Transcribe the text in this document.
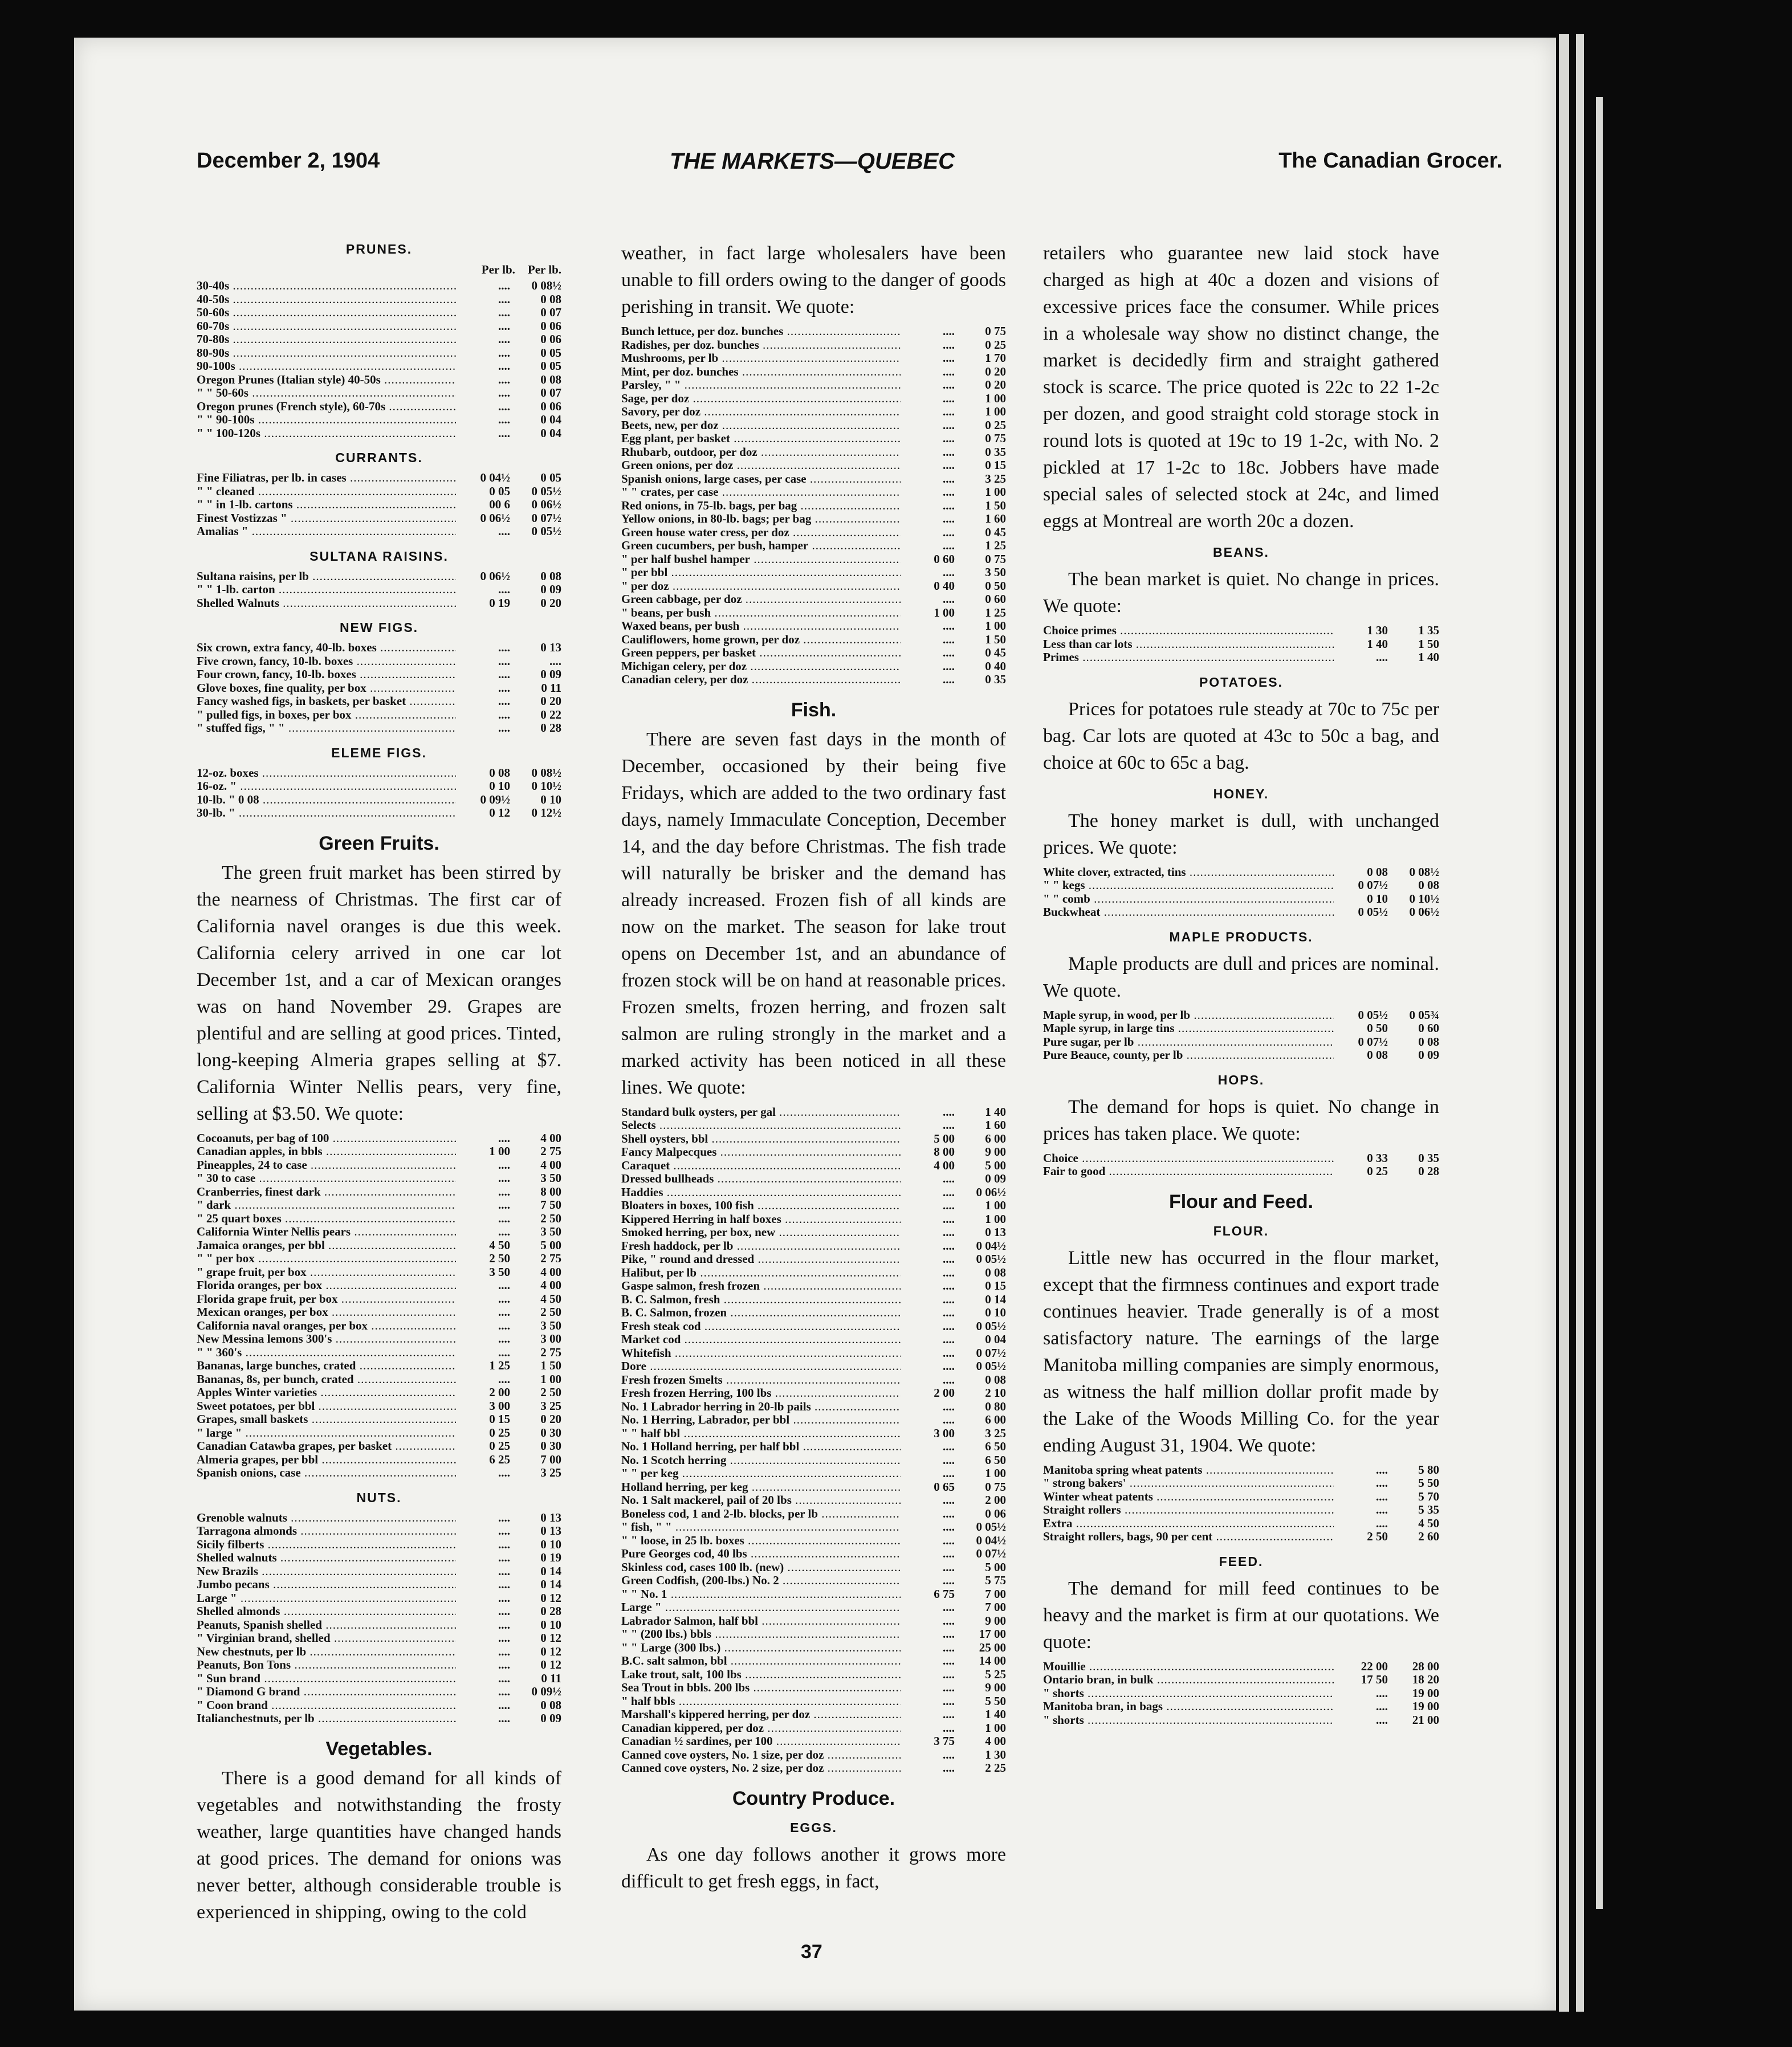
December 2, 1904	THE MARKETS—QUEBEC	The Canadian Grocer.
PRUNES.
Per lb. Per lb.
30-40s .....	....	0 08½
40-50s .....	....	0 08
50-60s .....	....	0 07
60-70s .....	....	0 06
70-80s .....	....	0 06
80-90s .....	....	0 05
90-100s .....	....	0 05
Oregon Prunes (Italian style) 40-50s .....	....	0 08
" " 50-60s .....	....	0 07
Oregon prunes (French style), 60-70s .....	....	0 06
" " 90-100s .....	....	0 04
" " 100-120s .....	....	0 04
CURRANTS.
Fine Filiatras, per lb. in cases .....	0 04½	0 05
" " cleaned .....	0 05	0 05½
" " in 1-lb. cartons .....	00 6	0 06½
Finest Vostizzas " .....	0 06½	0 07½
Amalias " .....	....	0 05½
SULTANA RAISINS.
Sultana raisins, per lb .....	0 06½	0 08
" " 1-lb. carton .....	....	0 09
Shelled Walnuts .....	0 19	0 20
NEW FIGS.
Six crown, extra fancy, 40-lb. boxes .....	....	0 13
Five crown, fancy, 10-lb. boxes .....	....	....
Four crown, fancy, 10-lb. boxes .....	....	0 09
Glove boxes, fine quality, per box .....	....	0 11
Fancy washed figs, in baskets, per basket .....	....	0 20
" pulled figs, in boxes, per box .....	....	0 22
" stuffed figs, " " .....	....	0 28
ELEME FIGS.
12-oz. boxes .....	0 08	0 08½
16-oz. " .....	0 10	0 10½
10-lb. " 0 08 .....	0 09½	0 10
30-lb. " .....	0 12	0 12½
Green Fruits.

The green fruit market has been stirred by the nearness of Christmas. The first car of California navel oranges is due this week. California celery arrived in one car lot December 1st, and a car of Mexican oranges was on hand November 29. Grapes are plentiful and are selling at good prices. Tinted, long-keeping Almeria grapes selling at $7. California Winter Nellis pears, very fine, selling at $3.50. We quote:

Cocoanuts, per bag of 100 .....	....	4 00
Canadian apples, in bbls .....	1 00	2 75
Pineapples, 24 to case .....	....	4 00
" 30 to case .....	....	3 50
Cranberries, finest dark .....	....	8 00
" dark .....	....	7 50
" 25 quart boxes .....	....	2 50
California Winter Nellis pears .....	....	3 50
Jamaica oranges, per bbl .....	4 50	5 00
" " per box .....	2 50	2 75
" grape fruit, per box .....	3 50	4 00
Florida oranges, per box .....	....	4 00
Florida grape fruit, per box .....	....	4 50
Mexican oranges, per box .....	....	2 50
California naval oranges, per box .....	....	3 50
New Messina lemons 300's .....	....	3 00
" " 360's .....	....	2 75
Bananas, large bunches, crated .....	1 25	1 50
Bananas, 8s, per bunch, crated .....	....	1 00
Apples Winter varieties .....	2 00	2 50
Sweet potatoes, per bbl .....	3 00	3 25
Grapes, small baskets .....	0 15	0 20
" large " .....	0 25	0 30
Canadian Catawba grapes, per basket .....	0 25	0 30
Almeria grapes, per bbl .....	6 25	7 00
Spanish onions, case .....	....	3 25
NUTS.
Grenoble walnuts .....	....	0 13
Tarragona almonds .....	....	0 13
Sicily filberts .....	....	0 10
Shelled walnuts .....	....	0 19
New Brazils .....	....	0 14
Jumbo pecans .....	....	0 14
Large " .....	....	0 12
Shelled almonds .....	....	0 28
Peanuts, Spanish shelled .....	....	0 10
" Virginian brand, shelled .....	....	0 12
New chestnuts, per lb .....	....	0 12
Peanuts, Bon Tons .....	....	0 12
" Sun brand .....	....	0 11
" Diamond G brand .....	....	0 09½
" Coon brand .....	....	0 08
Italianchestnuts, per lb .....	....	0 09
Vegetables.

There is a good demand for all kinds of vegetables and notwithstanding the frosty weather, large quantities have changed hands at good prices. The demand for onions was never better, although considerable trouble is experienced in shipping, owing to the cold

weather, in fact large wholesalers have been unable to fill orders owing to the danger of goods perishing in transit. We quote:

Bunch lettuce, per doz. bunches .....	....	0 75
Radishes, per doz. bunches .....	....	0 25
Mushrooms, per lb .....	....	1 70
Mint, per doz. bunches .....	....	0 20
Parsley, " " .....	....	0 20
Sage, per doz .....	....	1 00
Savory, per doz .....	....	1 00
Beets, new, per doz .....	....	0 25
Egg plant, per basket .....	....	0 75
Rhubarb, outdoor, per doz .....	....	0 35
Green onions, per doz .....	....	0 15
Spanish onions, large cases, per case .....	....	3 25
" " crates, per case .....	....	1 00
Red onions, in 75-lb. bags, per bag .....	....	1 50
Yellow onions, in 80-lb. bags; per bag .....	....	1 60
Green house water cress, per doz .....	....	0 45
Green cucumbers, per bush, hamper .....	....	1 25
" per half bushel hamper .....	0 60	0 75
" per bbl .....	....	3 50
" per doz .....	0 40	0 50
Green cabbage, per doz .....	....	0 60
" beans, per bush .....	1 00	1 25
Waxed beans, per bush .....	....	1 00
Cauliflowers, home grown, per doz .....	....	1 50
Green peppers, per basket .....	....	0 45
Michigan celery, per doz .....	....	0 40
Canadian celery, per doz .....	....	0 35
Fish.

There are seven fast days in the month of December, occasioned by their being five Fridays, which are added to the two ordinary fast days, namely Immaculate Conception, December 14, and the day before Christmas. The fish trade will naturally be brisker and the demand has already increased. Frozen fish of all kinds are now on the market. The season for lake trout opens on December 1st, and an abundance of frozen stock will be on hand at reasonable prices. Frozen smelts, frozen herring, and frozen salt salmon are ruling strongly in the market and a marked activity has been noticed in all these lines. We quote:

Standard bulk oysters, per gal .....	....	1 40
Selects .....	....	1 60
Shell oysters, bbl .....	5 00	6 00
Fancy Malpecques .....	8 00	9 00
Caraquet .....	4 00	5 00
Dressed bullheads .....	....	0 09
Haddies .....	....	0 06½
Bloaters in boxes, 100 fish .....	....	1 00
Kippered Herring in half boxes .....	....	1 00
Smoked herring, per box, new .....	....	0 13
Fresh haddock, per lb .....	....	0 04½
Pike, " round and dressed .....	....	0 05½
Halibut, per lb .....	....	0 08
Gaspe salmon, fresh frozen .....	....	0 15
B. C. Salmon, fresh .....	....	0 14
B. C. Salmon, frozen .....	....	0 10
Fresh steak cod .....	....	0 05½
Market cod .....	....	0 04
Whitefish .....	....	0 07½
Dore .....	....	0 05½
Fresh frozen Smelts .....	....	0 08
Fresh frozen Herring, 100 lbs .....	2 00	2 10
No. 1 Labrador herring in 20-lb pails .....	....	0 80
No. 1 Herring, Labrador, per bbl .....	....	6 00
" " half bbl .....	3 00	3 25
No. 1 Holland herring, per half bbl .....	....	6 50
No. 1 Scotch herring .....	....	6 50
" " per keg .....	....	1 00
Holland herring, per keg .....	0 65	0 75
No. 1 Salt mackerel, pail of 20 lbs .....	....	2 00
Boneless cod, 1 and 2-lb. blocks, per lb .....	....	0 06
" fish, " " .....	....	0 05½
" " loose, in 25 lb. boxes .....	....	0 04½
Pure Georges cod, 40 lbs .....	....	0 07½
Skinless cod, cases 100 lb. (new) .....	....	5 00
Green Codfish, (200-lbs.) No. 2 .....	....	5 75
" " No. 1 .....	6 75	7 00
Large " .....	....	7 00
Labrador Salmon, half bbl .....	....	9 00
" " (200 lbs.) bbls .....	....	17 00
" " Large (300 lbs.) .....	....	25 00
B.C. salt salmon, bbl .....	....	14 00
Lake trout, salt, 100 lbs .....	....	5 25
Sea Trout in bbls. 200 lbs .....	....	9 00
" half bbls .....	....	5 50
Marshall's kippered herring, per doz .....	....	1 40
Canadian kippered, per doz .....	....	1 00
Canadian ½ sardines, per 100 .....	3 75	4 00
Canned cove oysters, No. 1 size, per doz .....	....	1 30
Canned cove oysters, No. 2 size, per doz .....	....	2 25
Country Produce.
EGGS.

As one day follows another it grows more difficult to get fresh eggs, in fact,

retailers who guarantee new laid stock have charged as high at 40c a dozen and visions of excessive prices face the consumer. While prices in a wholesale way show no distinct change, the market is decidedly firm and straight gathered stock is scarce. The price quoted is 22c to 22 1-2c per dozen, and good straight cold storage stock in round lots is quoted at 19c to 19 1-2c, with No. 2 pickled at 17 1-2c to 18c. Jobbers have made special sales of selected stock at 24c, and limed eggs at Montreal are worth 20c a dozen.

BEANS.

The bean market is quiet. No change in prices. We quote:

Choice primes .....	1 30	1 35
Less than car lots .....	1 40	1 50
Primes .....	....	1 40
POTATOES.

Prices for potatoes rule steady at 70c to 75c per bag. Car lots are quoted at 43c to 50c a bag, and choice at 60c to 65c a bag.

HONEY.

The honey market is dull, with unchanged prices. We quote:

White clover, extracted, tins .....	0 08	0 08½
" " kegs .....	0 07½	0 08
" " comb .....	0 10	0 10½
Buckwheat .....	0 05½	0 06½
MAPLE PRODUCTS.

Maple products are dull and prices are nominal. We quote.

Maple syrup, in wood, per lb .....	0 05½	0 05¾
Maple syrup, in large tins .....	0 50	0 60
Pure sugar, per lb .....	0 07½	0 08
Pure Beauce, county, per lb .....	0 08	0 09
HOPS.

The demand for hops is quiet. No change in prices has taken place. We quote:

Choice .....	0 33	0 35
Fair to good .....	0 25	0 28
Flour and Feed.
FLOUR.

Little new has occurred in the flour market, except that the firmness continues and export trade continues heavier. Trade generally is of a most satisfactory nature. The earnings of the large Manitoba milling companies are simply enormous, as witness the half million dollar profit made by the Lake of the Woods Milling Co. for the year ending August 31, 1904. We quote:

Manitoba spring wheat patents .....	....	5 80
" strong bakers' .....	....	5 50
Winter wheat patents .....	....	5 70
Straight rollers .....	....	5 35
Extra .....	....	4 50
Straight rollers, bags, 90 per cent .....	2 50	2 60
FEED.

The demand for mill feed continues to be heavy and the market is firm at our quotations. We quote:

Mouillie .....	22 00	28 00
Ontario bran, in bulk .....	17 50	18 20
" shorts .....	....	19 00
Manitoba bran, in bags .....	....	19 00
" shorts .....	....	21 00
37
